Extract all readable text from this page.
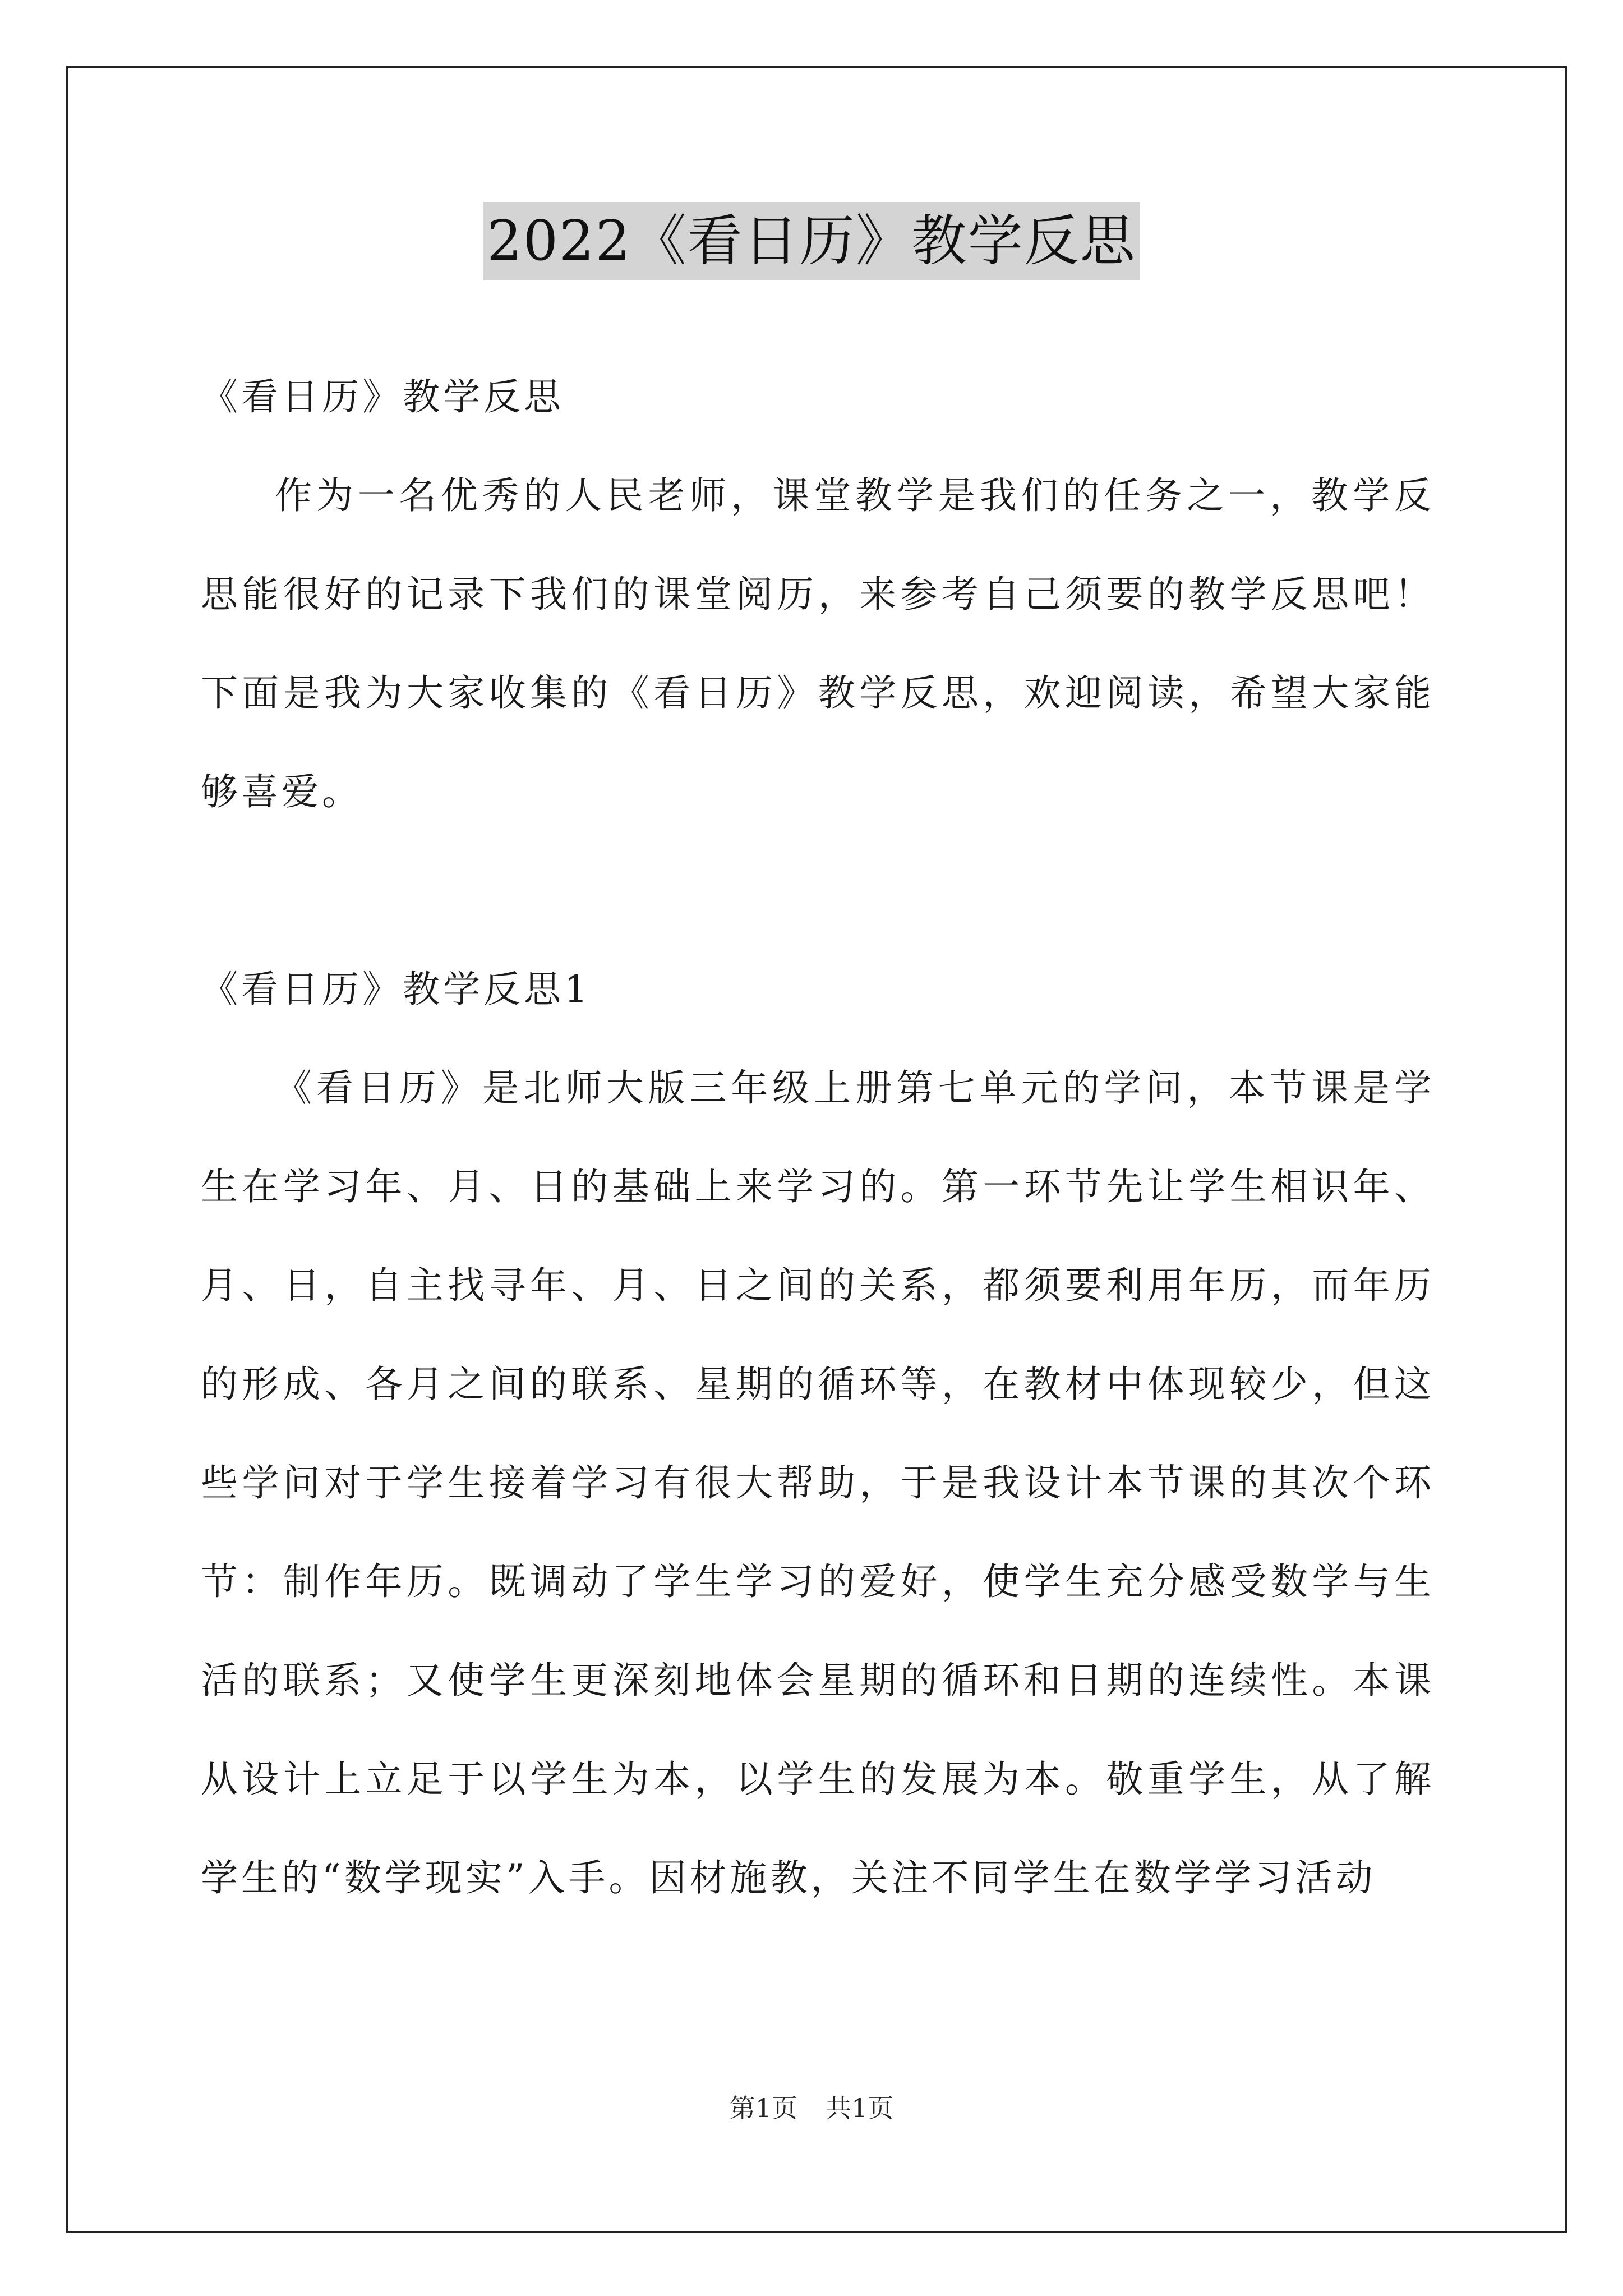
2022《看日历》教学反思

《看日历》教学反思

作为一名优秀的人民老师，课堂教学是我们的任务之一，教学反思能很好的记录下我们的课堂阅历，来参考自己须要的教学反思吧！下面是我为大家收集的《看日历》教学反思，欢迎阅读，希望大家能够喜爱。

《看日历》教学反思1

《看日历》是北师大版三年级上册第七单元的学问，本节课是学生在学习年、月、日的基础上来学习的。第一环节先让学生相识年、月、日，自主找寻年、月、日之间的关系，都须要利用年历，而年历的形成、各月之间的联系、星期的循环等，在教材中体现较少，但这些学问对于学生接着学习有很大帮助，于是我设计本节课的其次个环节：制作年历。既调动了学生学习的爱好，使学生充分感受数学与生活的联系；又使学生更深刻地体会星期的循环和日期的连续性。本课从设计上立足于以学生为本，以学生的发展为本。敬重学生，从了解学生的“数学现实”入手。因材施教，关注不同学生在数学学习活动

第1页 共1页
